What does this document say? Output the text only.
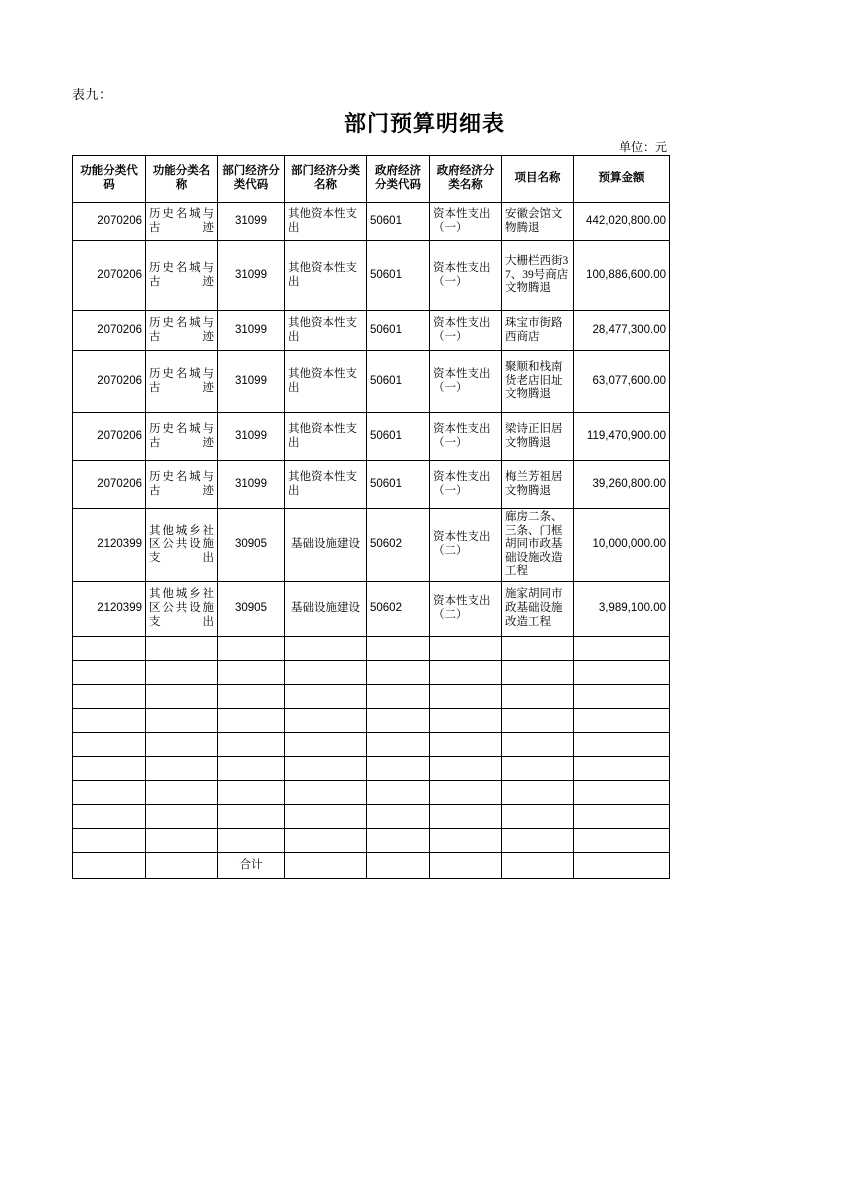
表九：
部门预算明细表
单位：元
功能分类代码	功能分类名称	部门经济分类代码	部门经济分类名称	政府经济分类代码	政府经济分类名称	项目名称	预算金额
2070206	历史名城与古迹	31099	其他资本性支出	50601	资本性支出（一）	安徽会馆文物腾退	442,020,800.00
2070206	历史名城与古迹	31099	其他资本性支出	50601	资本性支出（一）	大栅栏西街37、39号商店文物腾退	100,886,600.00
2070206	历史名城与古迹	31099	其他资本性支出	50601	资本性支出（一）	珠宝市街路西商店	28,477,300.00
2070206	历史名城与古迹	31099	其他资本性支出	50601	资本性支出（一）	聚顺和栈南货老店旧址文物腾退	63,077,600.00
2070206	历史名城与古迹	31099	其他资本性支出	50601	资本性支出（一）	梁诗正旧居文物腾退	119,470,900.00
2070206	历史名城与古迹	31099	其他资本性支出	50601	资本性支出（一）	梅兰芳祖居文物腾退	39,260,800.00
2120399	其他城乡社区公共设施支出	30905	基础设施建设	50602	资本性支出（二）	廊房二条、三条、门框胡同市政基础设施改造工程	10,000,000.00
2120399	其他城乡社区公共设施支出	30905	基础设施建设	50602	资本性支出（二）	施家胡同市政基础设施改造工程	3,989,100.00

		合计					
